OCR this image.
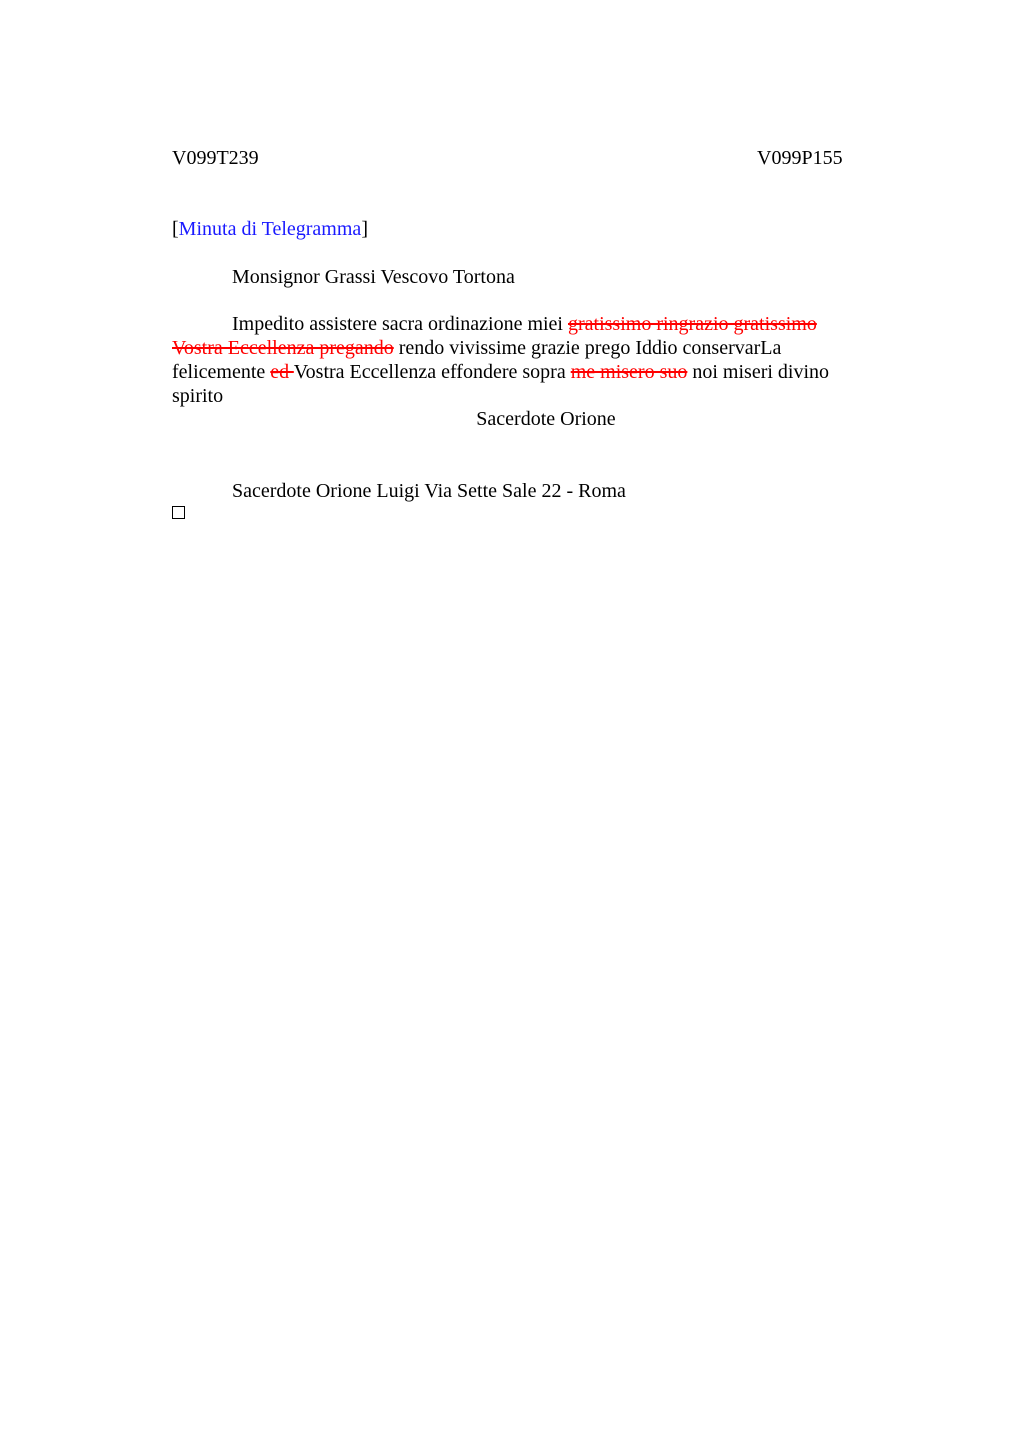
V099T239	V099P155
[Minuta di Telegramma]
Monsignor Grassi Vescovo Tortona
Impedito assistere sacra ordinazione miei gratissimo ringrazio gratissimo Vostra Eccellenza pregando rendo vivissime grazie prego Iddio conservarLa felicemente ed Vostra Eccellenza effondere sopra me misero suo noi miseri divino spirito
Sacerdote Orione
Sacerdote Orione Luigi Via Sette Sale 22 - Roma
